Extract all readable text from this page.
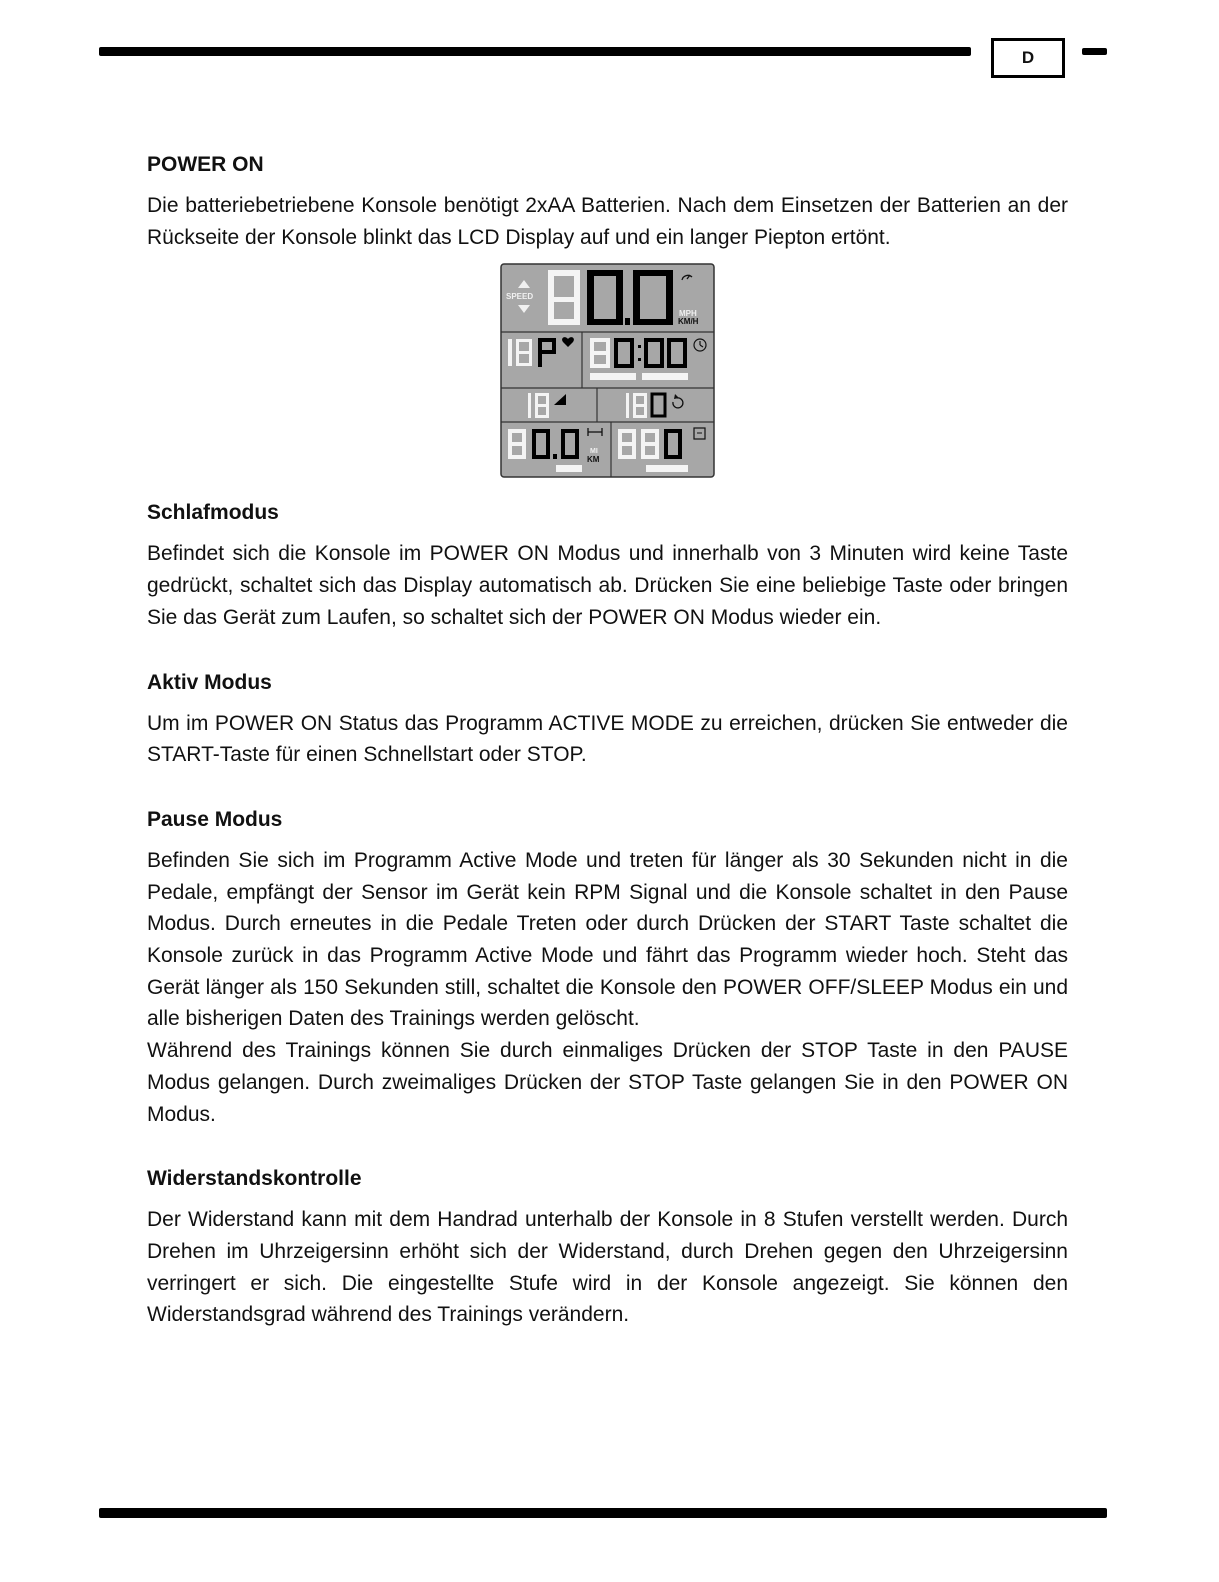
D
POWER ON

Die batteriebetriebene Konsole benötigt 2xAA Batterien. Nach dem Einsetzen der Batterien an der Rückseite der Konsole blinkt das LCD Display auf und ein langer Piepton ertönt.

SPEED
MPH
KM/H
MI
KM
Schlafmodus

Befindet sich die Konsole im POWER ON Modus und innerhalb von 3 Minuten wird keine Taste gedrückt, schaltet sich das Display automatisch ab. Drücken Sie eine beliebige Taste oder bringen Sie das Gerät zum Laufen, so schaltet sich der POWER ON Modus wieder ein.

Aktiv Modus

Um im POWER ON Status das Programm ACTIVE MODE zu erreichen, drücken Sie entweder die START-Taste für einen Schnellstart oder STOP.

Pause Modus

Befinden Sie sich im Programm Active Mode und treten für länger als 30 Sekunden nicht in die Pedale, empfängt der Sensor im Gerät kein RPM Signal und die Konsole schaltet in den Pause Modus. Durch erneutes in die Pedale Treten oder durch Drücken der START Taste schaltet die Konsole zurück in das Programm Active Mode und fährt das Programm wieder hoch. Steht das Gerät länger als 150 Sekunden still, schaltet die Konsole den POWER OFF/SLEEP Modus ein und alle bisherigen Daten des Trainings werden gelöscht.

Während des Trainings können Sie durch einmaliges Drücken der STOP Taste in den PAUSE Modus gelangen. Durch zweimaliges Drücken der STOP Taste gelangen Sie in den POWER ON Modus.

Widerstandskontrolle

Der Widerstand kann mit dem Handrad unterhalb der Konsole in 8 Stufen verstellt werden. Durch Drehen im Uhrzeigersinn erhöht sich der Widerstand, durch Drehen gegen den Uhrzeigersinn verringert er sich. Die eingestellte Stufe wird in der Konsole angezeigt. Sie können den Widerstandsgrad während des Trainings verändern.
